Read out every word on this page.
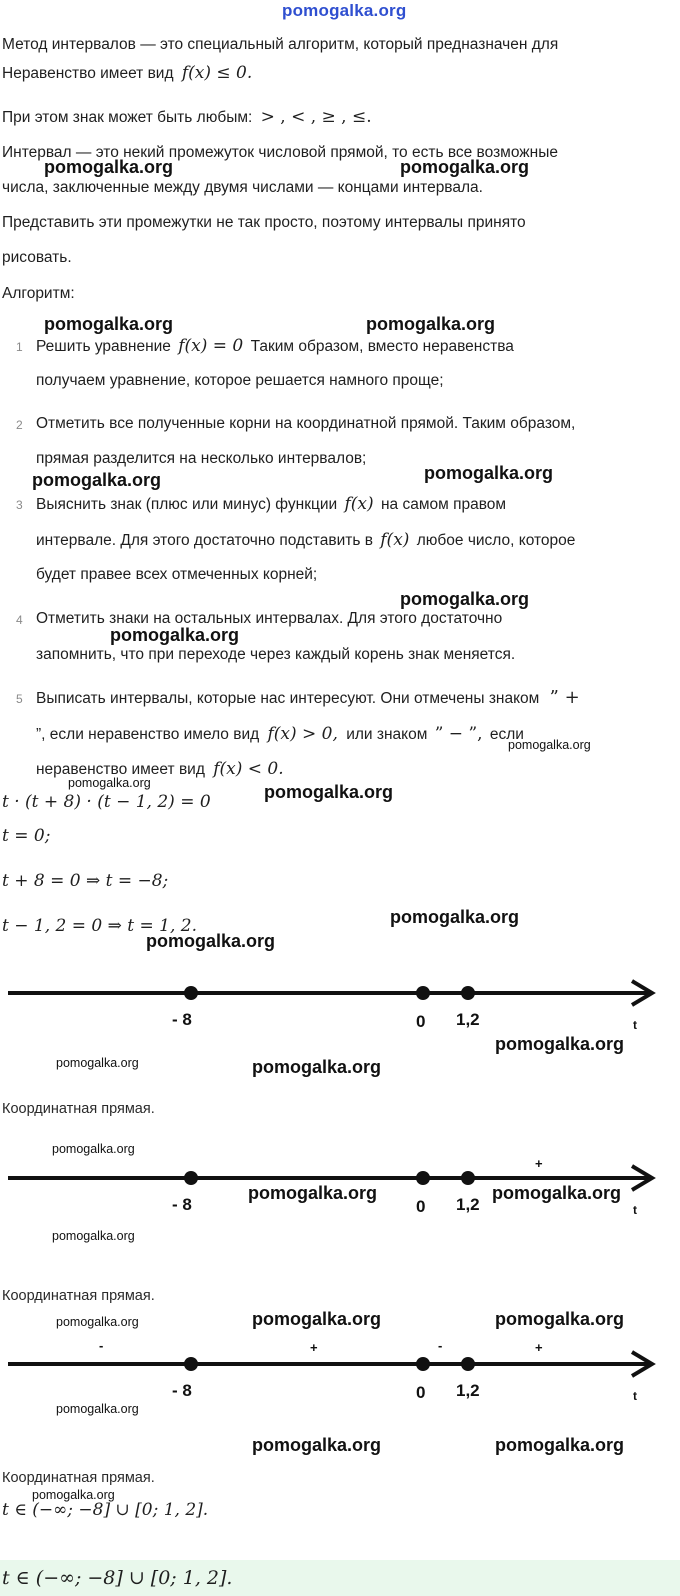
pomogalka.org
Метод интервалов — это специальный алгоритм, который предназначен для
Неравенство имеет вид f(x) ≤ 0.
При этом знак может быть любым: > , < , ≥ , ≤.
Интервал — это некий промежуток числовой прямой, то есть все возможные
числа, заключенные между двумя числами — концами интервала.
Представить эти промежутки не так просто, поэтому интервалы принято
рисовать.
Алгоритм:
1 Решить уравнение f(x) = 0 Таким образом, вместо неравенства
получаем уравнение, которое решается намного проще;
2 Отметить все полученные корни на координатной прямой. Таким образом,
прямая разделится на несколько интервалов;
3 Выяснить знак (плюс или минус) функции f(x) на самом правом
интервале. Для этого достаточно подставить в f(x) любое число, которое
будет правее всех отмеченных корней;
4 Отметить знаки на остальных интервалах. Для этого достаточно
запомнить, что при переходе через каждый корень знак меняется.
5 Выписать интервалы, которые нас интересуют. Они отмечены знаком ” +
”, если неравенство имело вид f(x) > 0, или знаком ” − ”, если
неравенство имеет вид f(x) < 0.
t · (t + 8) · (t − 1, 2) = 0
t = 0;
t + 8 = 0 ⇒ t = −8;
t − 1, 2 = 0 ⇒ t = 1, 2.
- 8	0 1,2	t
Координатная прямая.
+
- 8	0 1,2	t
Координатная прямая.
-	+	-	+
- 8	0 1,2	t
Координатная прямая.
t ∈ (−∞; −8] ∪ [0; 1, 2].
t ∈ (−∞; −8] ∪ [0; 1, 2].
pomogalka.org	pomogalka.org
pomogalka.org	pomogalka.org
pomogalka.org	pomogalka.org
pomogalka.org
pomogalka.org
pomogalka.org
pomogalka.org	pomogalka.org
pomogalka.org
pomogalka.org
pomogalka.org
pomogalka.org	pomogalka.org
pomogalka.org
pomogalka.org	pomogalka.org
pomogalka.org
pomogalka.org	pomogalka.org
pomogalka.org
pomogalka.org
pomogalka.org	pomogalka.org
pomogalka.org
